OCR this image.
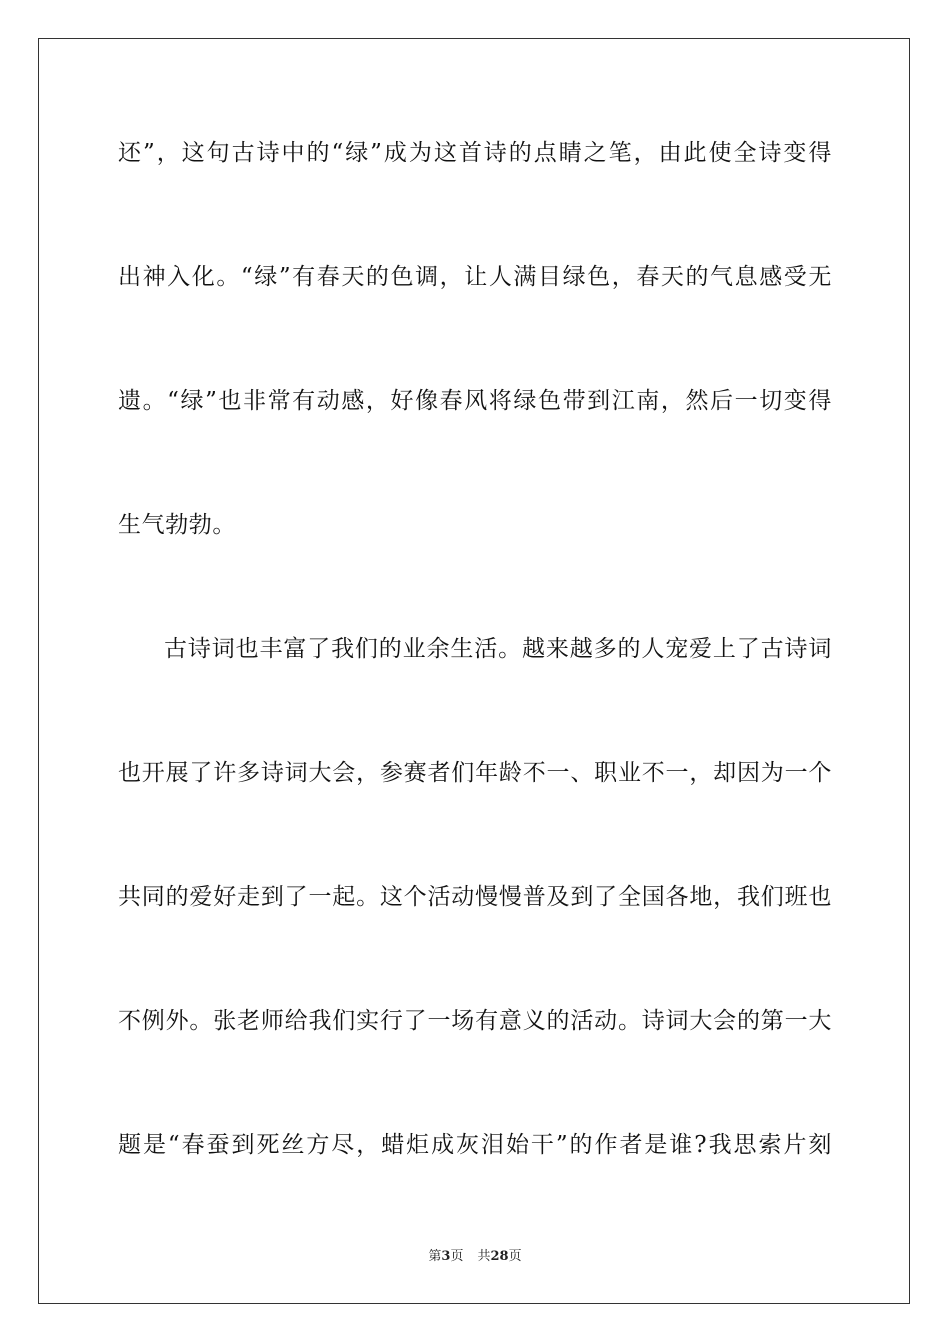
还”，这句古诗中的“绿”成为这首诗的点睛之笔，由此使全诗变得
出神入化。“绿”有春天的色调，让人满目绿色，春天的气息感受无
遗。“绿”也非常有动感，好像春风将绿色带到江南，然后一切变得
生气勃勃。
古诗词也丰富了我们的业余生活。越来越多的人宠爱上了古诗词
也开展了许多诗词大会，参赛者们年龄不一、职业不一，却因为一个
共同的爱好走到了一起。这个活动慢慢普及到了全国各地，我们班也
不例外。张老师给我们实行了一场有意义的活动。诗词大会的第一大
题是“春蚕到死丝方尽，蜡炬成灰泪始干”的作者是谁?我思索片刻
第3页 共28页
